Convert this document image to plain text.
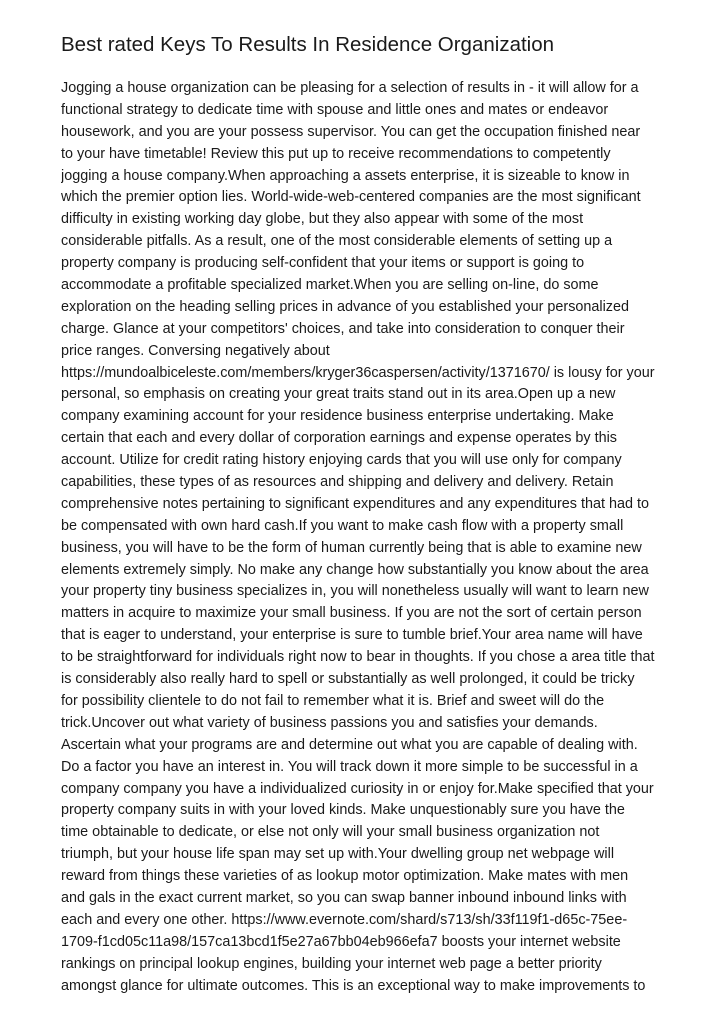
Best rated Keys To Results In Residence Organization
Jogging a house organization can be pleasing for a selection of results in - it will allow for a
functional strategy to dedicate time with spouse and little ones and mates or endeavor
housework, and you are your possess supervisor. You can get the occupation finished near
to your have timetable! Review this put up to receive recommendations to competently
jogging a house company.When approaching a assets enterprise, it is sizeable to know in
which the premier option lies. World-wide-web-centered companies are the most significant
difficulty in existing working day globe, but they also appear with some of the most
considerable pitfalls. As a result, one of the most considerable elements of setting up a
property company is producing self-confident that your items or support is going to
accommodate a profitable specialized market.When you are selling on-line, do some
exploration on the heading selling prices in advance of you established your personalized
charge. Glance at your competitors' choices, and take into consideration to conquer their
price ranges. Conversing negatively about
https://mundoalbiceleste.com/members/kryger36caspersen/activity/1371670/ is lousy for your
personal, so emphasis on creating your great traits stand out in its area.Open up a new
company examining account for your residence business enterprise undertaking. Make
certain that each and every dollar of corporation earnings and expense operates by this
account. Utilize for credit rating history enjoying cards that you will use only for company
capabilities, these types of as resources and shipping and delivery and delivery. Retain
comprehensive notes pertaining to significant expenditures and any expenditures that had to
be compensated with own hard cash.If you want to make cash flow with a property small
business, you will have to be the form of human currently being that is able to examine new
elements extremely simply. No make any change how substantially you know about the area
your property tiny business specializes in, you will nonetheless usually will want to learn new
matters in acquire to maximize your small business. If you are not the sort of certain person
that is eager to understand, your enterprise is sure to tumble brief.Your area name will have
to be straightforward for individuals right now to bear in thoughts. If you chose a area title that
is considerably also really hard to spell or substantially as well prolonged, it could be tricky
for possibility clientele to do not fail to remember what it is. Brief and sweet will do the
trick.Uncover out what variety of business passions you and satisfies your demands.
Ascertain what your programs are and determine out what you are capable of dealing with.
Do a factor you have an interest in. You will track down it more simple to be successful in a
company company you have a individualized curiosity in or enjoy for.Make specified that your
property company suits in with your loved kinds. Make unquestionably sure you have the
time obtainable to dedicate, or else not only will your small business organization not
triumph, but your house life span may set up with.Your dwelling group net webpage will
reward from things these varieties of as lookup motor optimization. Make mates with men
and gals in the exact current market, so you can swap banner inbound inbound links with
each and every one other. https://www.evernote.com/shard/s713/sh/33f119f1-d65c-75ee-
1709-f1cd05c11a98/157ca13bcd1f5e27a67bb04eb966efa7 boosts your internet website
rankings on principal lookup engines, building your internet web page a better priority
amongst glance for ultimate outcomes. This is an exceptional way to make improvements to
